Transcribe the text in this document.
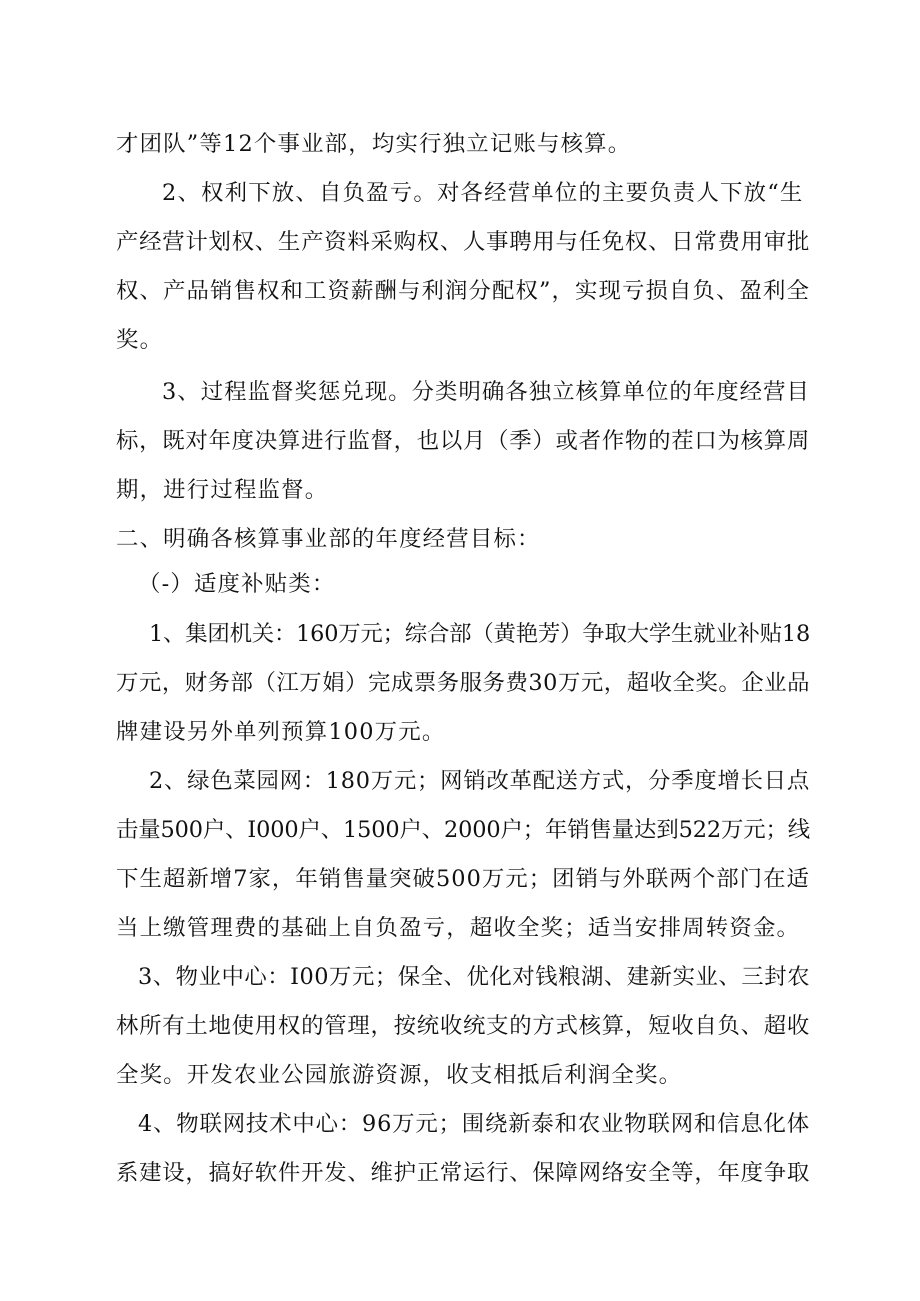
才团队”等12个事业部，均实行独立记账与核算。
2、权利下放、自负盈亏。对各经营单位的主要负责人下放“生
产经营计划权、生产资料采购权、人事聘用与任免权、日常费用审批
权、产品销售权和工资薪酬与利润分配权”，实现亏损自负、盈利全
奖。
3、过程监督奖惩兑现。分类明确各独立核算单位的年度经营目
标，既对年度决算进行监督，也以月（季）或者作物的茬口为核算周
期，进行过程监督。
二、明确各核算事业部的年度经营目标：
（-）适度补贴类：
1、集团机关：160万元；综合部（黄艳芳）争取大学生就业补贴18
万元，财务部（江万娟）完成票务服务费30万元，超收全奖。企业品
牌建设另外单列预算100万元。
2、绿色菜园网：180万元；网销改革配送方式，分季度增长日点
击量500户、I000户、1500户、2000户；年销售量达到522万元；线
下生超新增7家，年销售量突破500万元；团销与外联两个部门在适
当上缴管理费的基础上自负盈亏，超收全奖；适当安排周转资金。
3、物业中心：I00万元；保全、优化对钱粮湖、建新实业、三封农
林所有土地使用权的管理，按统收统支的方式核算，短收自负、超收
全奖。开发农业公园旅游资源，收支相抵后利润全奖。
4、物联网技术中心：96万元；围绕新泰和农业物联网和信息化体
系建设，搞好软件开发、维护正常运行、保障网络安全等，年度争取
